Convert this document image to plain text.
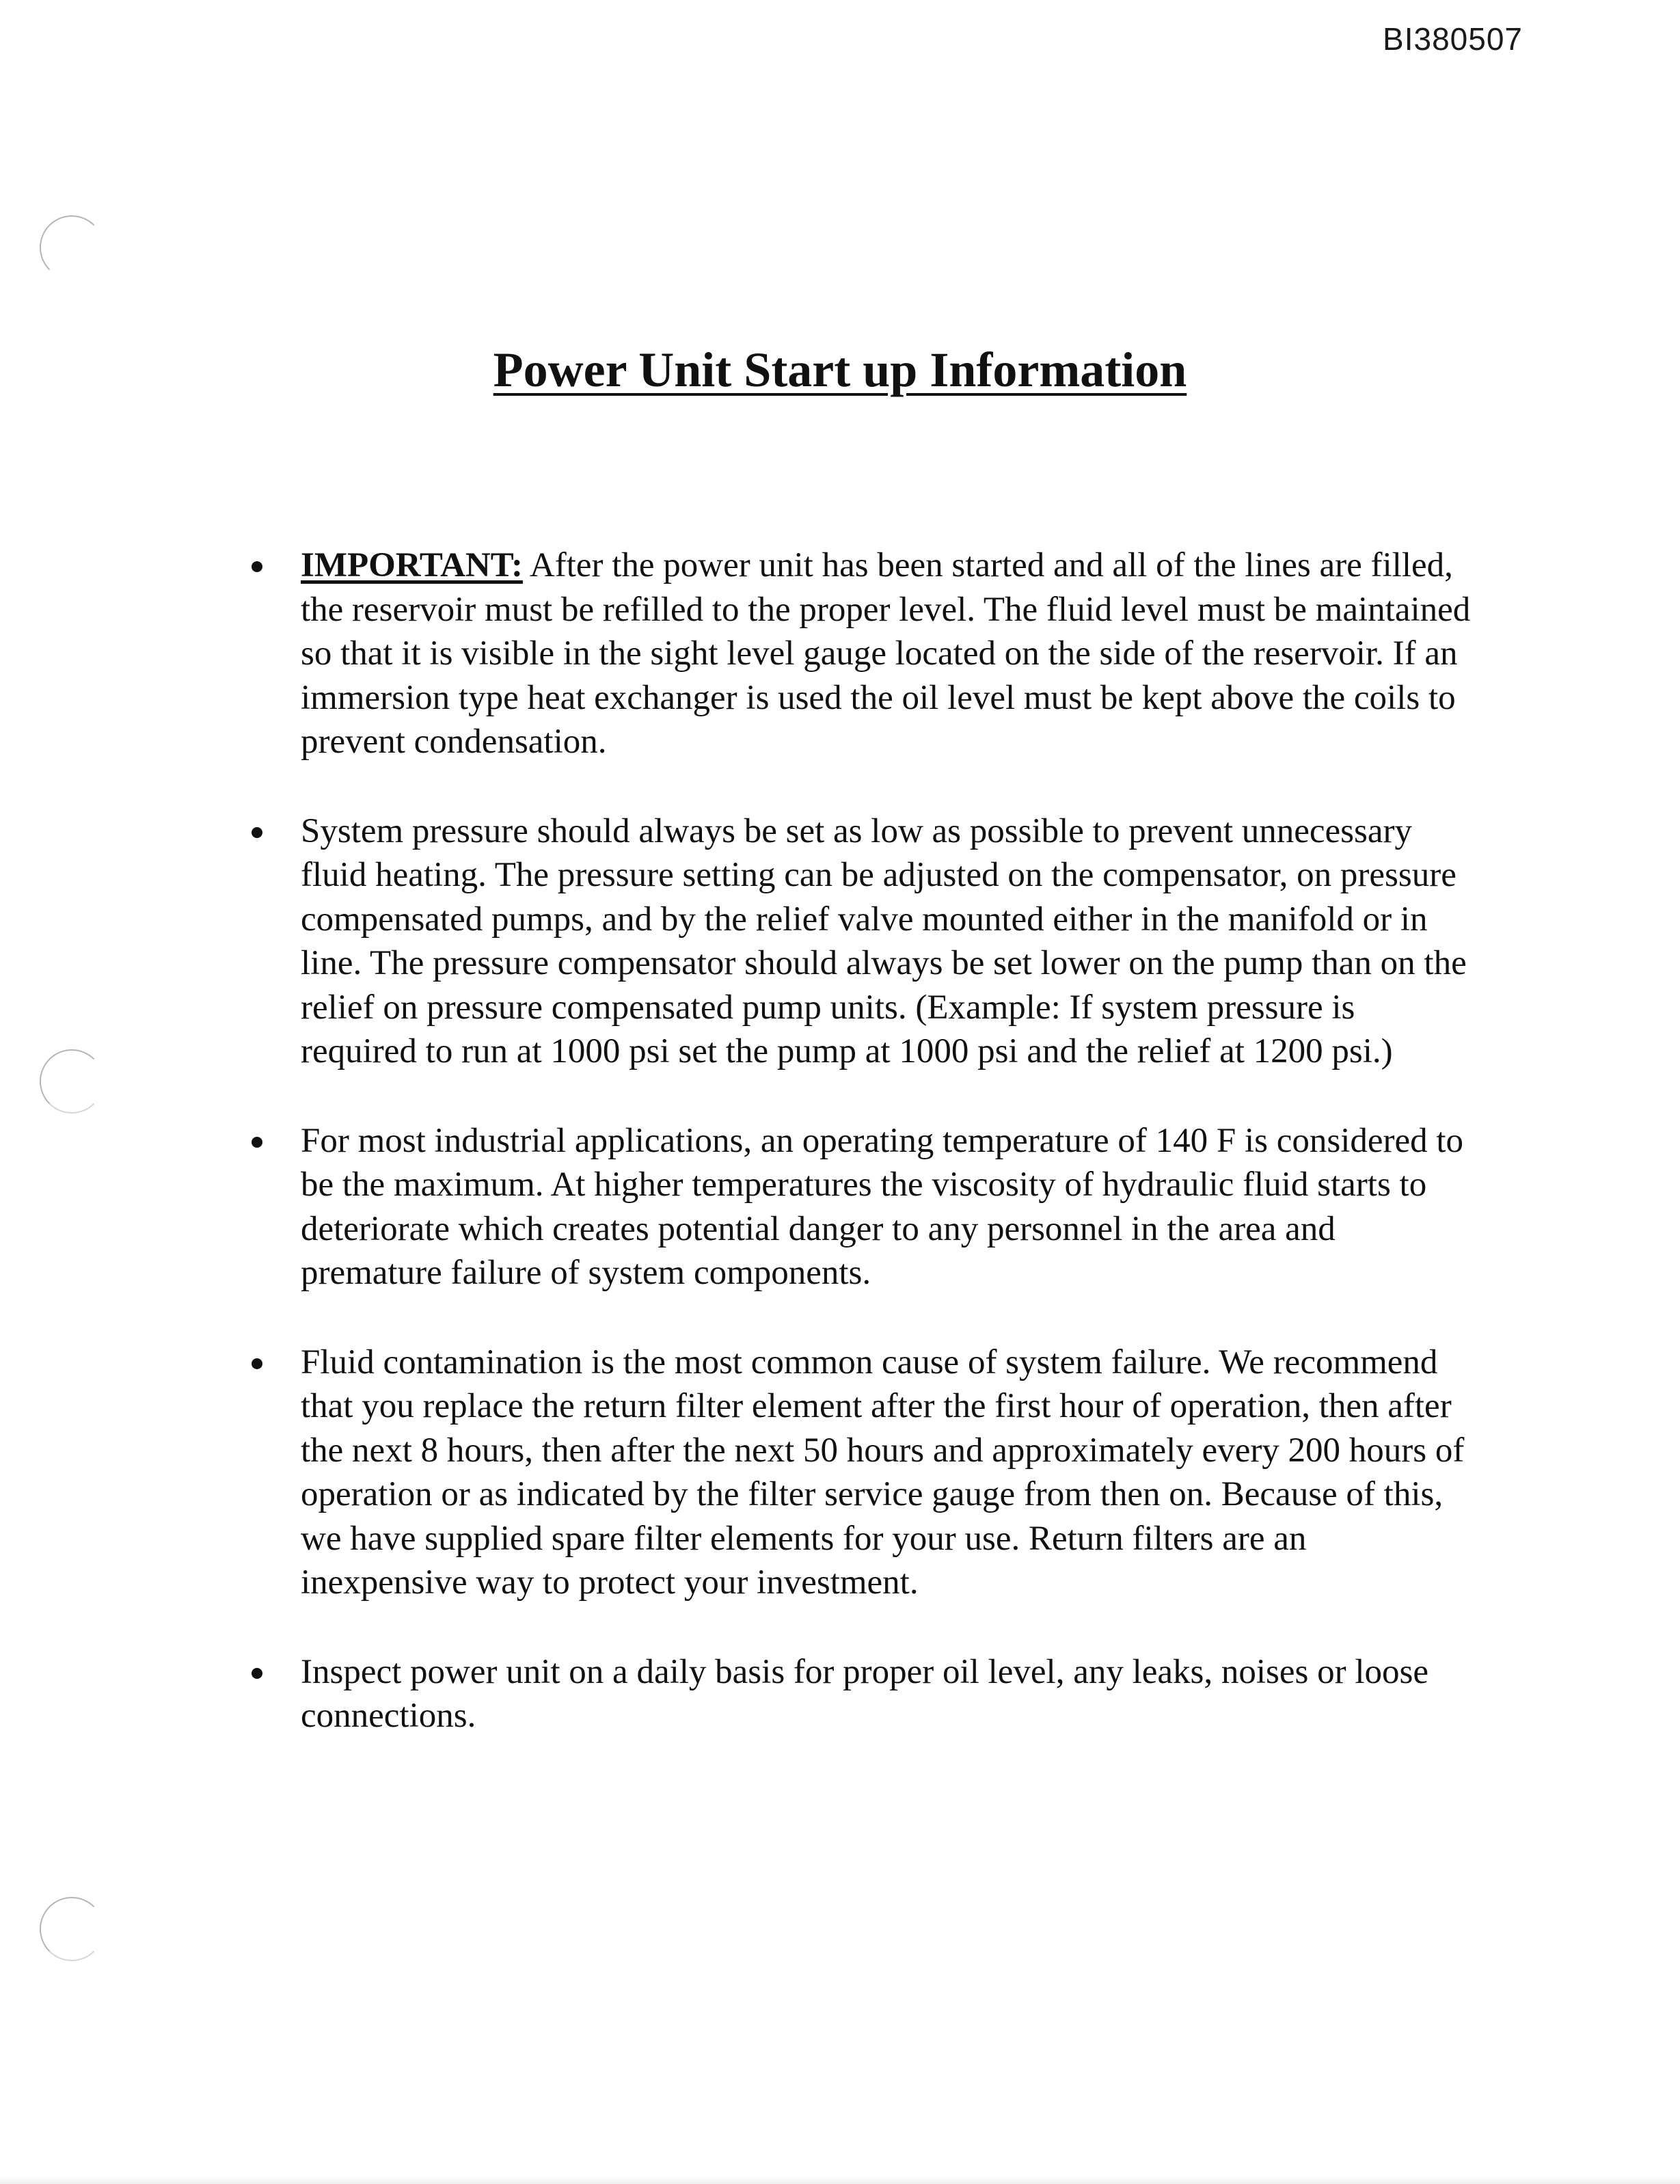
BI380507
Power Unit Start up Information
IMPORTANT: After the power unit has been started and all of the lines are filled, the reservoir must be refilled to the proper level. The fluid level must be maintained so that it is visible in the sight level gauge located on the side of the reservoir. If an immersion type heat exchanger is used the oil level must be kept above the coils to prevent condensation.
System pressure should always be set as low as possible to prevent unnecessary fluid heating. The pressure setting can be adjusted on the compensator, on pressure compensated pumps, and by the relief valve mounted either in the manifold or in line. The pressure compensator should always be set lower on the pump than on the relief on pressure compensated pump units. (Example: If system pressure is required to run at 1000 psi set the pump at 1000 psi and the relief at 1200 psi.)
For most industrial applications, an operating temperature of 140 F is considered to be the maximum. At higher temperatures the viscosity of hydraulic fluid starts to deteriorate which creates potential danger to any personnel in the area and premature failure of system components.
Fluid contamination is the most common cause of system failure. We recommend that you replace the return filter element after the first hour of operation, then after the next 8 hours, then after the next 50 hours and approximately every 200 hours of operation or as indicated by the filter service gauge from then on. Because of this, we have supplied spare filter elements for your use. Return filters are an inexpensive way to protect your investment.
Inspect power unit on a daily basis for proper oil level, any leaks, noises or loose connections.
